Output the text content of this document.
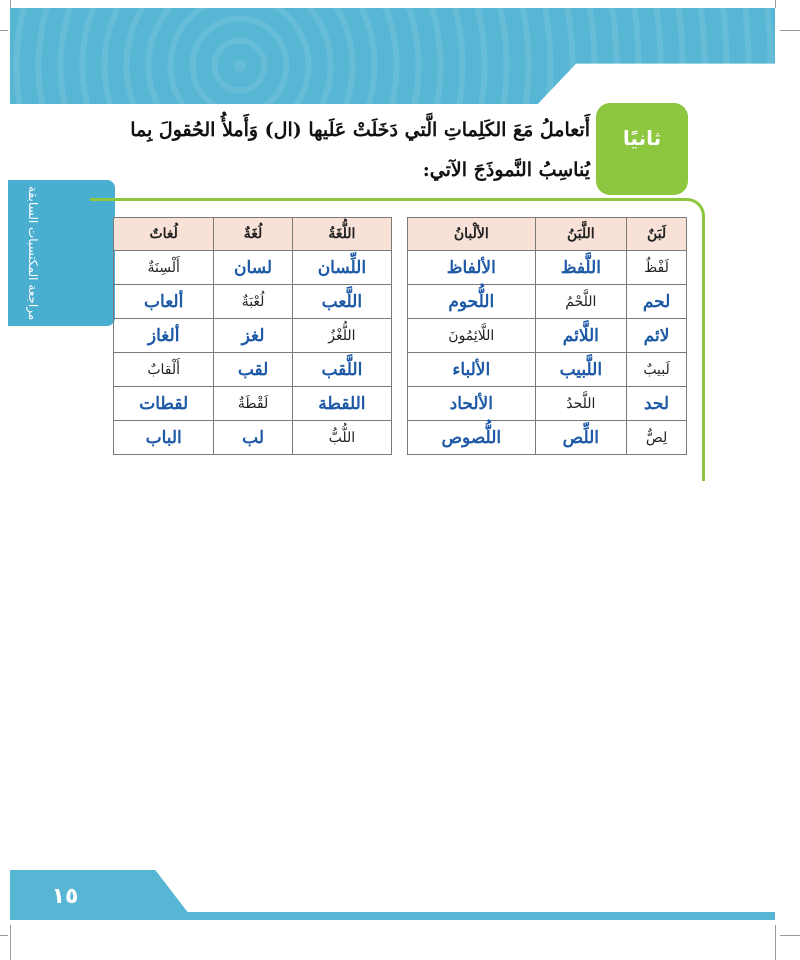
مراجعة المكتسبات السابقة
ثانيًا
أَتعاملُ مَعَ الكَلِماتِ الَّتي دَخَلَتْ عَلَيها (ال) وَأَملأُ الحُقولَ بِما يُناسِبُ النَّموذَجَ الآتي:
لَبَنٌ	اللَّبَنُ	الألْبانُ
لَفْظٌ	اللَّفظ	الألفاظ
لحم	اللَّحْمُ	اللُّحوم
لائم	اللَّائم	اللَّائِمُونَ
لَبيبٌ	اللَّبيب	الألباء
لحد	اللَّحدُ	الألحاد
لِصٌّ	اللِّص	اللُّصوص
اللُّغَةُ	لُغَةٌ	لُغاتٌ
اللِّسان	لسان	أَلْسِنَةٌ
اللَّعب	لُعْبَةٌ	ألعاب
اللُّغْزُ	لغز	ألغاز
اللَّقب	لقب	أَلْقابٌ
اللقطة	لَقْطَةٌ	لقطات
اللُّبُّ	لب	الباب
١٥
